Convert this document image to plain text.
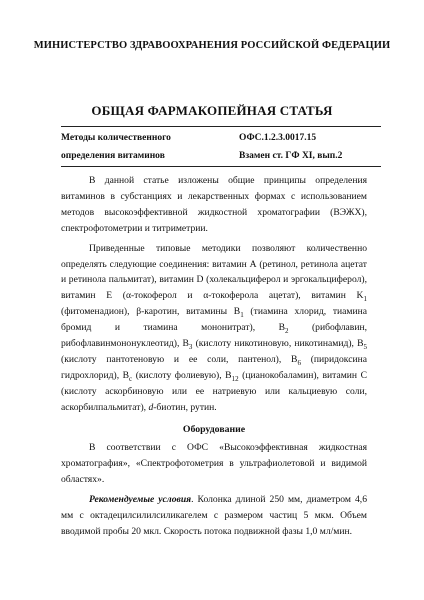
МИНИСТЕРСТВО ЗДРАВООХРАНЕНИЯ РОССИЙСКОЙ ФЕДЕРАЦИИ
ОБЩАЯ ФАРМАКОПЕЙНАЯ СТАТЬЯ
Методы количественного	ОФС.1.2.3.0017.15
определения витаминов	Взамен ст. ГФ XI, вып.2

В данной статье изложены общие принципы определения витаминов в субстанциях и лекарственных формах с использованием методов высокоэффективной жидкостной хроматографии (ВЭЖХ), спектрофотометрии и титриметрии.

Приведенные типовые методики позволяют количественно определять следующие соединения: витамин А (ретинол, ретинола ацетат и ретинола пальмитат), витамин D (холекальциферол и эргокальциферол), витамин Е (α-токоферол и α-токоферола ацетат), витамин $K_1$ (фитоменадион), β-каротин, витамины $B_1$ (тиамина хлорид, тиамина бромид и тиамина мононитрат), $B_2$ (рибофлавин, рибофлавинмононуклеотид), $B_3$ (кислоту никотиновую, никотинамид), $B_5$ (кислоту пантотеновую и ее соли, пантенол), $B_6$ (пиридоксина гидрохлорид), $B_c$ (кислоту фолиевую), $B_{12}$ (цианокобаламин), витамин С (кислоту аскорбиновую или ее натриевую или кальциевую соли, аскорбилпальмитат), d-биотин, рутин.

Оборудование

В соответствии с ОФС «Высокоэффективная жидкостная хроматография», «Спектрофотометрия в ультрафиолетовой и видимой областях».

Рекомендуемые условия. Колонка длиной 250 мм, диаметром 4,6 мм с октадецилсилилсиликагелем с размером частиц 5 мкм. Объем вводимой пробы 20 мкл. Скорость потока подвижной фазы 1,0 мл/мин.
